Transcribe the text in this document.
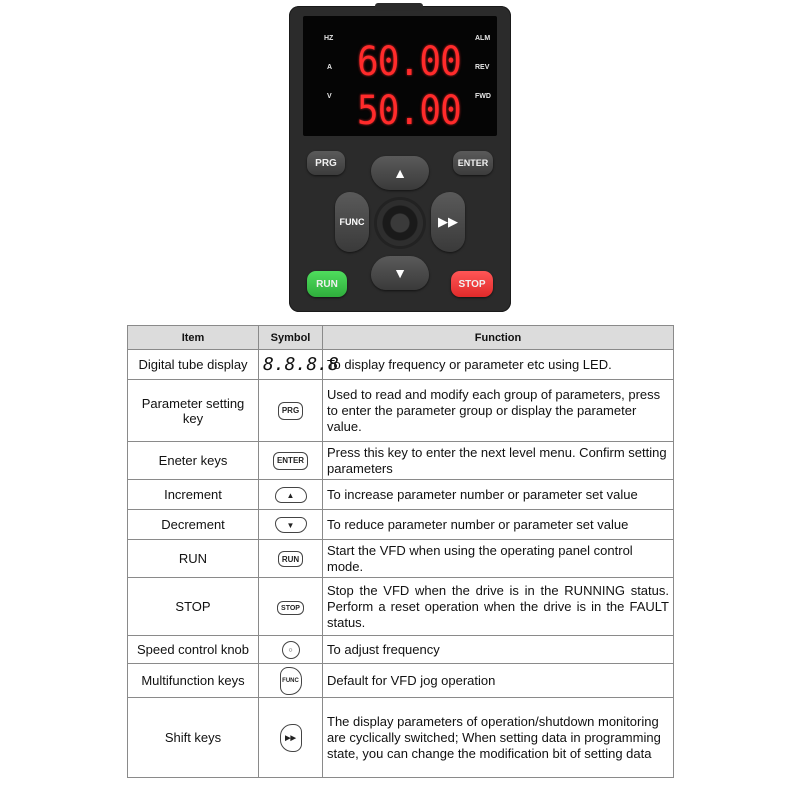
HZ
A
V
ALM
REV
FWD
60.00
50.00
PRG	ENTER
▲
FUNC	▶▶
▼
RUN	STOP
Item	Symbol	Function
Digital tube display	8.8.8.8	To display frequency or parameter etc using LED.
Parameter setting key	PRG	Used to read and modify each group of parameters, press to enter the parameter group or display the parameter value.
Eneter keys	ENTER	Press this key to enter the next level menu. Confirm setting parameters
Increment	▲	To increase parameter number or parameter set value
Decrement	▼	To reduce parameter number or parameter set value
RUN	RUN	Start the VFD when using the operating panel control mode.
STOP	STOP	Stop the VFD when the drive is in the RUNNING status. Perform a reset operation when the drive is in the FAULT status.
Speed control knob	○	To adjust frequency
Multifunction keys	FUNC	Default for VFD jog operation
Shift keys	▶▶	The display parameters of operation/shutdown monitoring are cyclically switched; When setting data in programming state, you can change the modification bit of setting data
